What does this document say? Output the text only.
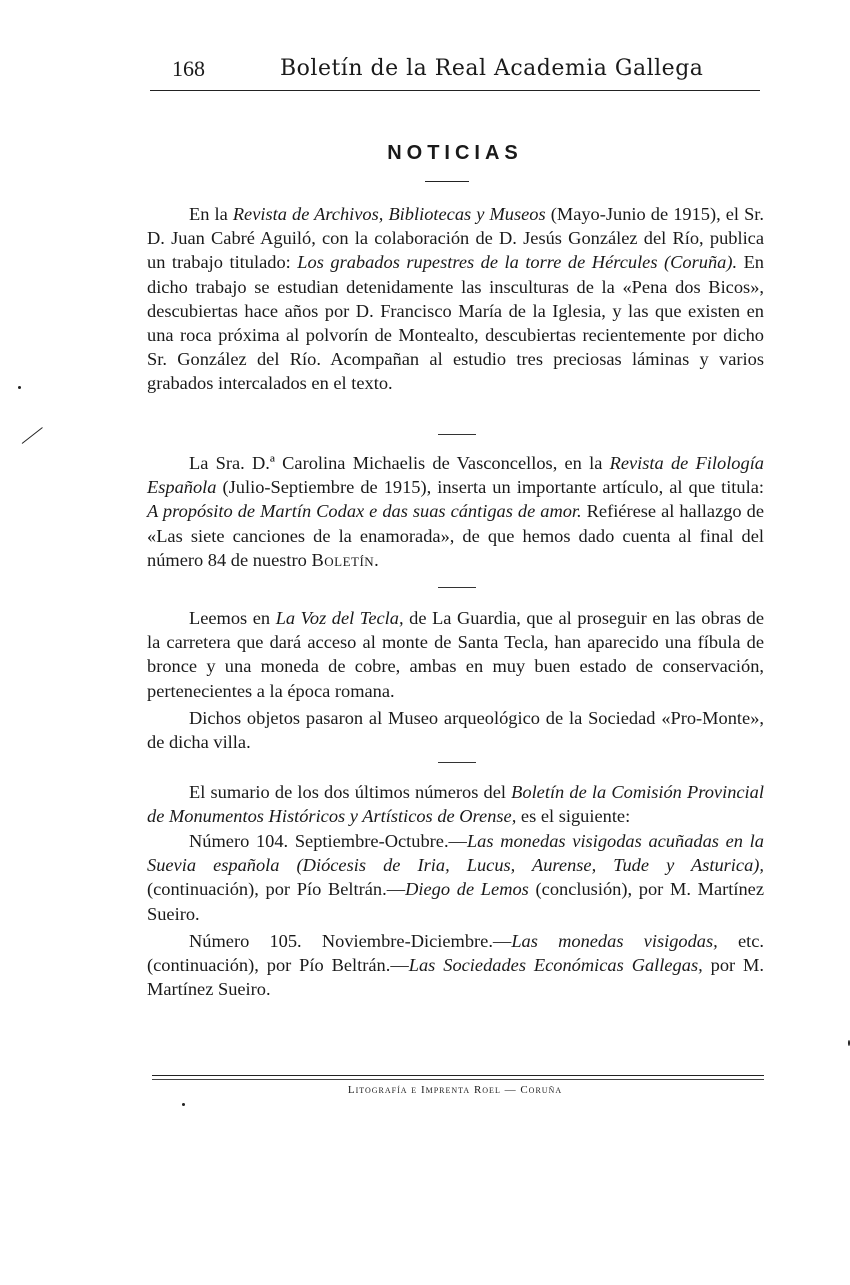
168	Boletín de la Real Academia Gallega
NOTICIAS

En la Revista de Archivos, Bibliotecas y Museos (Mayo-Junio de 1915), el Sr. D. Juan Cabré Aguiló, con la colaboración de D. Jesús González del Río, publica un trabajo titulado: Los grabados rupestres de la torre de Hércules (Coruña). En dicho trabajo se estudian detenidamente las insculturas de la «Pena dos Bicos», descubiertas hace años por D. Francisco María de la Iglesia, y las que existen en una roca próxima al polvorín de Montealto, descubiertas recientemente por dicho Sr. González del Río. Acompañan al estudio tres preciosas láminas y varios grabados intercalados en el texto.

La Sra. D.ª Carolina Michaelis de Vasconcellos, en la Revista de Filología Española (Julio-Septiembre de 1915), inserta un importante artículo, al que titula: A propósito de Martín Codax e das suas cántigas de amor. Refiérese al hallazgo de «Las siete canciones de la enamorada», de que hemos dado cuenta al final del número 84 de nuestro Boletín.

Leemos en La Voz del Tecla, de La Guardia, que al proseguir en las obras de la carretera que dará acceso al monte de Santa Tecla, han aparecido una fíbula de bronce y una moneda de cobre, ambas en muy buen estado de conservación, pertenecientes a la época romana.

Dichos objetos pasaron al Museo arqueológico de la Sociedad «Pro-Monte», de dicha villa.

El sumario de los dos últimos números del Boletín de la Comisión Provincial de Monumentos Históricos y Artísticos de Orense, es el siguiente:

Número 104. Septiembre-Octubre.—Las monedas visigodas acuñadas en la Suevia española (Diócesis de Iria, Lucus, Aurense, Tude y Asturica), (continuación), por Pío Beltrán.—Diego de Lemos (conclusión), por M. Martínez Sueiro.

Número 105. Noviembre-Diciembre.—Las monedas visigodas, etc. (continuación), por Pío Beltrán.—Las Sociedades Económicas Gallegas, por M. Martínez Sueiro.

Litografía e Imprenta Roel — Coruña
